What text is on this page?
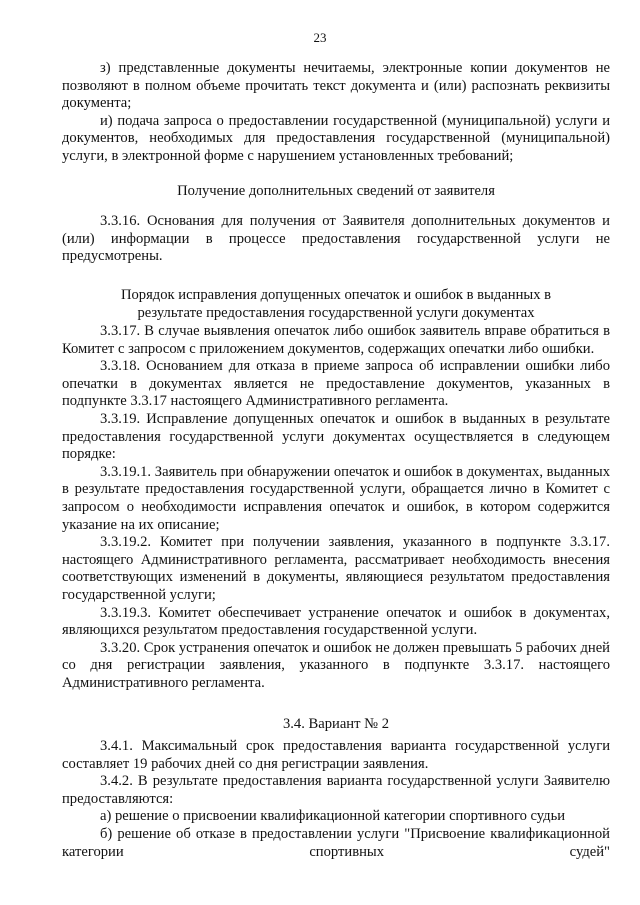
23

з) представленные документы нечитаемы, электронные копии документов не позволяют в полном объеме прочитать текст документа и (или) распознать реквизиты документа;

и) подача запроса о предоставлении государственной (муниципальной) услуги и документов, необходимых для предоставления государственной (муниципальной) услуги, в электронной форме с нарушением установленных требований;

Получение дополнительных сведений от заявителя

3.3.16. Основания для получения от Заявителя дополнительных документов и (или) информации в процессе предоставления государственной услуги не предусмотрены.

Порядок исправления допущенных опечаток и ошибок в выданных в
результате предоставления государственной услуги документах

3.3.17. В случае выявления опечаток либо ошибок заявитель вправе обратиться в Комитет с запросом с приложением документов, содержащих опечатки либо ошибки.

3.3.18. Основанием для отказа в приеме запроса об исправлении ошибки либо опечатки в документах является не предоставление документов, указанных в подпункте 3.3.17 настоящего Административного регламента.

3.3.19. Исправление допущенных опечаток и ошибок в выданных в результате предоставления государственной услуги документах осуществляется в следующем порядке:

3.3.19.1. Заявитель при обнаружении опечаток и ошибок в документах, выданных в результате предоставления государственной услуги, обращается лично в Комитет с запросом о необходимости исправления опечаток и ошибок, в котором содержится указание на их описание;

3.3.19.2. Комитет при получении заявления, указанного в подпункте 3.3.17. настоящего Административного регламента, рассматривает необходимость внесения соответствующих изменений в документы, являющиеся результатом предоставления государственной услуги;

3.3.19.3. Комитет обеспечивает устранение опечаток и ошибок в документах, являющихся результатом предоставления государственной услуги.

3.3.20. Срок устранения опечаток и ошибок не должен превышать 5 рабочих дней со дня регистрации заявления, указанного в подпункте 3.3.17. настоящего Административного регламента.

3.4. Вариант № 2

3.4.1. Максимальный срок предоставления варианта государственной услуги составляет 19 рабочих дней со дня регистрации заявления.

3.4.2. В результате предоставления варианта государственной услуги Заявителю предоставляются:

а) решение о присвоении квалификационной категории спортивного судьи

б) решение об отказе в предоставлении услуги "Присвоение квалификационной категории спортивных судей"
